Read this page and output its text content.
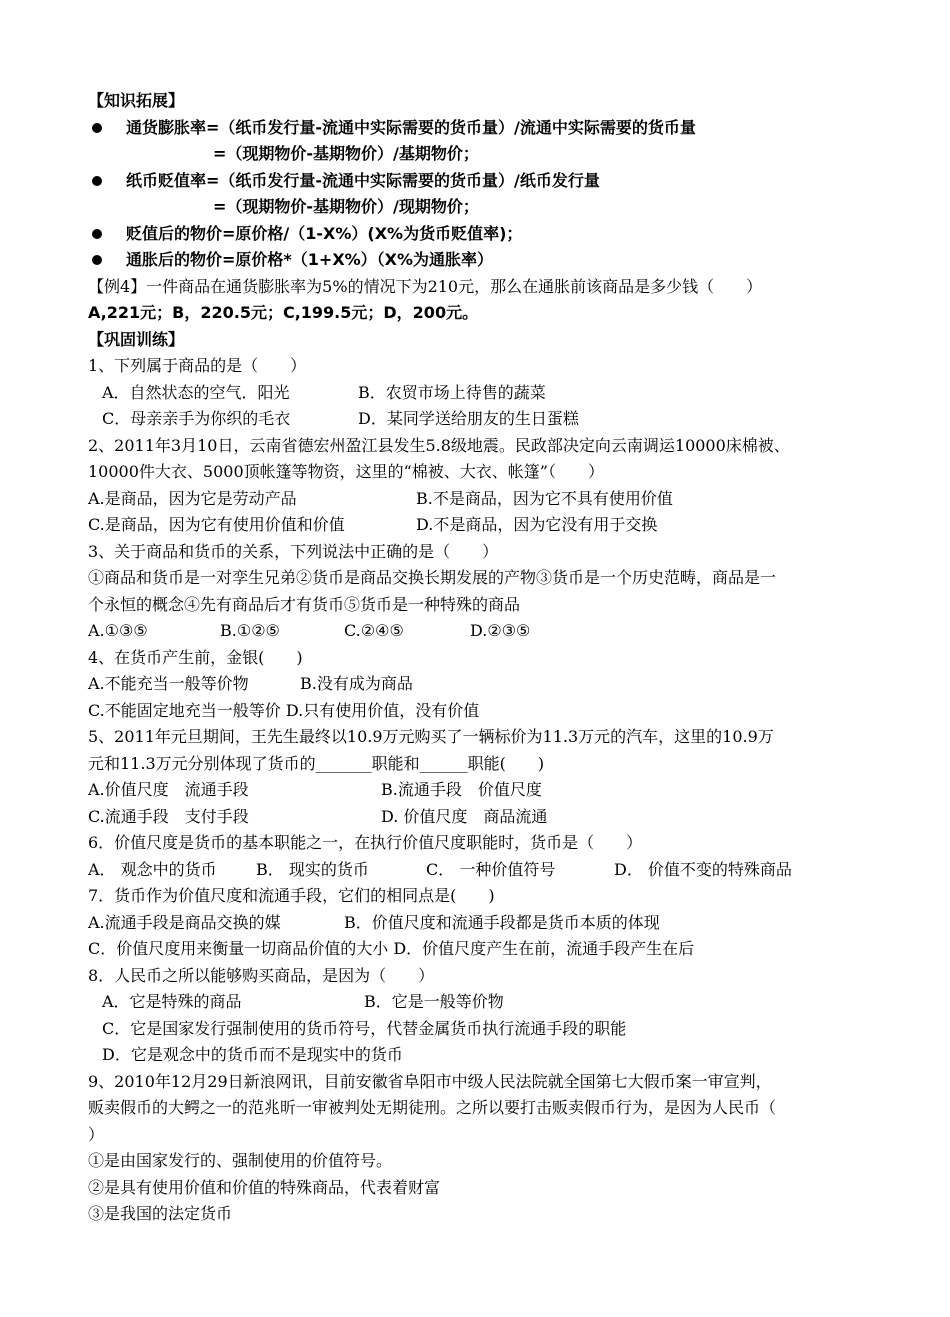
【知识拓展】
通货膨胀率=（纸币发行量-流通中实际需要的货币量）/流通中实际需要的货币量
=（现期物价-基期物价）/基期物价；
纸币贬值率=（纸币发行量-流通中实际需要的货币量）/纸币发行量
=（现期物价-基期物价）/现期物价；
贬值后的物价=原价格/（1-X%）(X%为货币贬值率)；
通胀后的物价=原价格*（1+X%）（X%为通胀率）
【例4】一件商品在通货膨胀率为5%的情况下为210元，那么在通胀前该商品是多少钱（　　）
A,221元；B，220.5元；C,199.5元；D，200元。
【巩固训练】
1、下列属于商品的是（　　）
A．自然状态的空气．阳光	B．农贸市场上待售的蔬菜
C．母亲亲手为你织的毛衣	D．某同学送给朋友的生日蛋糕
2、2011年3月10日，云南省德宏州盈江县发生5.8级地震。民政部决定向云南调运10000床棉被、
10000件大衣、5000顶帐篷等物资，这里的“棉被、大衣、帐篷”（　　）
A.是商品，因为它是劳动产品	B.不是商品，因为它不具有使用价值
C.是商品，因为它有使用价值和价值	D.不是商品，因为它没有用于交换
3、关于商品和货币的关系，下列说法中正确的是（　　）
①商品和货币是一对孪生兄弟②货币是商品交换长期发展的产物③货币是一个历史范畴，商品是一
个永恒的概念④先有商品后才有货币⑤货币是一种特殊的商品
A.①③⑤	B.①②⑤	C.②④⑤	D.②③⑤
4、在货币产生前，金银(　　)
A.不能充当一般等价物	B.没有成为商品
C.不能固定地充当一般等价 D.只有使用价值，没有价值
5、2011年元旦期间，王先生最终以10.9万元购买了一辆标价为11.3万元的汽车，这里的10.9万
元和11.3万元分别体现了货币的_______职能和______职能(　　)
A.价值尺度　流通手段	B.流通手段　价值尺度
C.流通手段　支付手段	D. 价值尺度　商品流通
6．价值尺度是货币的基本职能之一，在执行价值尺度职能时，货币是（　　）
A． 观念中的货币 B． 现实的货币	C． 一种价值符号	D． 价值不变的特殊商品
7．货币作为价值尺度和流通手段，它们的相同点是(　　)
A.流通手段是商品交换的媒	B．价值尺度和流通手段都是货币本质的体现
C．价值尺度用来衡量一切商品价值的大小 D．价值尺度产生在前，流通手段产生在后
8．人民币之所以能够购买商品，是因为（　　）
A．它是特殊的商品	B．它是一般等价物
C．它是国家发行强制使用的货币符号，代替金属货币执行流通手段的职能
D．它是观念中的货币而不是现实中的货币
9、2010年12月29日新浪网讯，目前安徽省阜阳市中级人民法院就全国第七大假币案一审宣判，
贩卖假币的大鳄之一的范兆昕一审被判处无期徒刑。之所以要打击贩卖假币行为，是因为人民币（
）
①是由国家发行的、强制使用的价值符号。
②是具有使用价值和价值的特殊商品，代表着财富
③是我国的法定货币
